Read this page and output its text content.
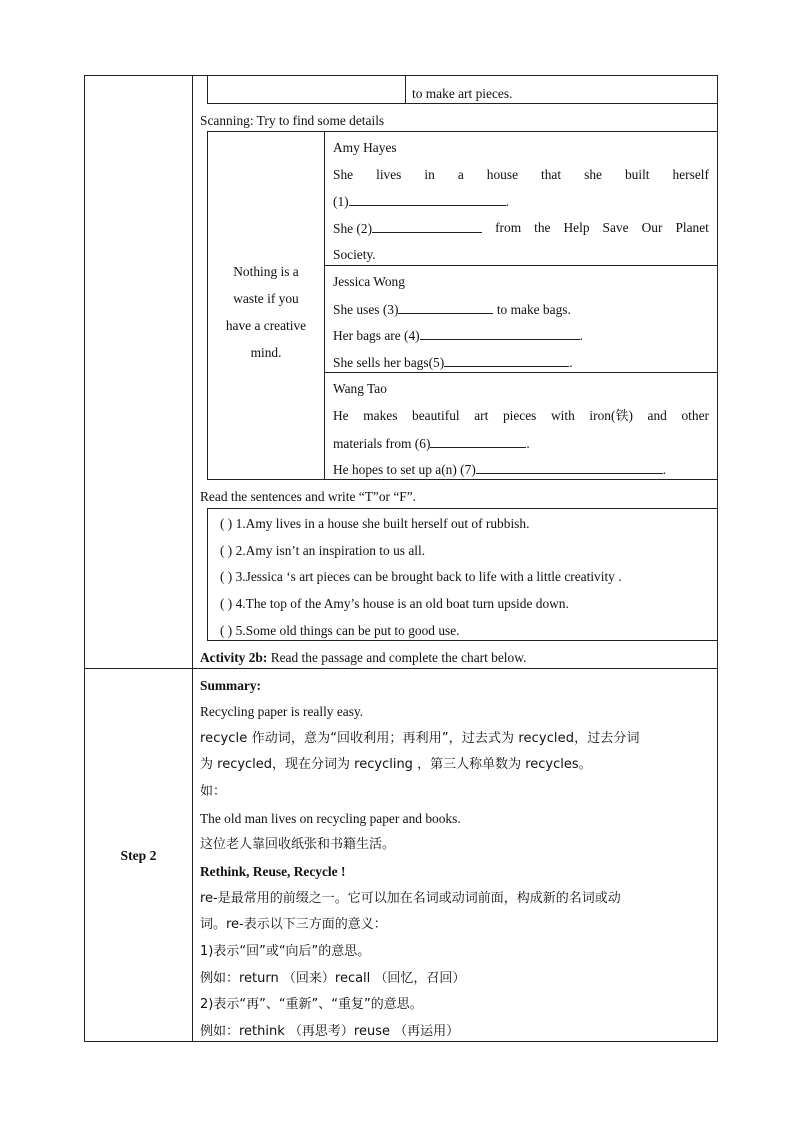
to make art pieces.
Scanning: Try to find some details
Nothing is a
waste if you
have a creative
mind.
Amy Hayes
She lives in a house that she built herself
(1)	.
She (2)	from the Help Save Our Planet
Society.
Jessica Wong
She uses (3)	to make bags.
Her bags are (4)	.
She sells her bags(5)	.
Wang Tao
He makes beautiful art pieces with iron(铁) and other
materials from (6)	.
He hopes to set up a(n) (7)	.
Read the sentences and write “T”or “F”.
( ) 1.Amy lives in a house she built herself out of rubbish.
( ) 2.Amy isn’t an inspiration to us all.
( ) 3.Jessica ‘s art pieces can be brought back to life with a little creativity .
( ) 4.The top of the Amy’s house is an old boat turn upside down.
( ) 5.Some old things can be put to good use.
Activity 2b: Read the passage and complete the chart below.
Step 2
Summary:
Recycling paper is really easy.
recycle 作动词，意为“回收利用；再利用”，过去式为 recycled，过去分词
为 recycled，现在分词为 recycling ，第三人称单数为 recycles。
如：
The old man lives on recycling paper and books.
这位老人靠回收纸张和书籍生活。
Rethink, Reuse, Recycle !
re-是最常用的前缀之一。它可以加在名词或动词前面，构成新的名词或动
词。re-表示以下三方面的意义：
1)表示“回”或“向后”的意思。
例如：return （回来）recall （回忆，召回）
2)表示“再”、“重新”、“重复”的意思。
例如：rethink （再思考）reuse （再运用）
